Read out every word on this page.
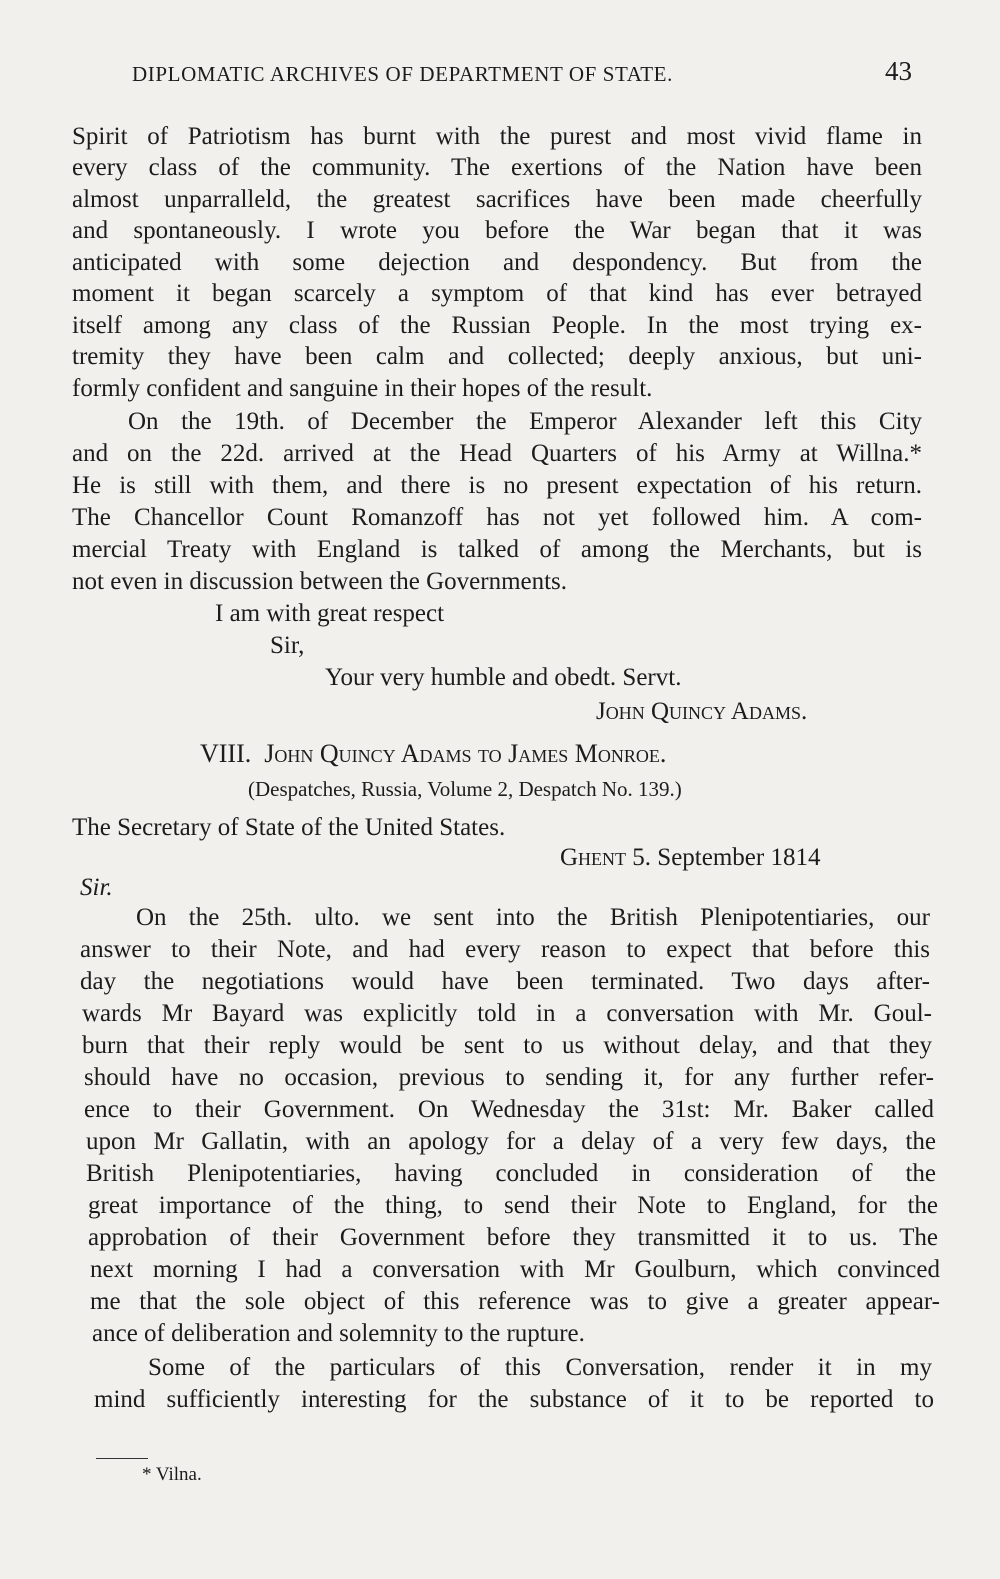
DIPLOMATIC ARCHIVES OF DEPARTMENT OF STATE.	43
Spirit of Patriotism has burnt with the purest and most vivid flame in
every class of the community. The exertions of the Nation have been
almost unparralleld, the greatest sacrifices have been made cheerfully
and spontaneously. I wrote you before the War began that it was
anticipated with some dejection and despondency. But from the
moment it began scarcely a symptom of that kind has ever betrayed
itself among any class of the Russian People. In the most trying ex-
tremity they have been calm and collected; deeply anxious, but uni-
formly confident and sanguine in their hopes of the result.
On the 19th. of December the Emperor Alexander left this City
and on the 22d. arrived at the Head Quarters of his Army at Willna.*
He is still with them, and there is no present expectation of his return.
The Chancellor Count Romanzoff has not yet followed him. A com-
mercial Treaty with England is talked of among the Merchants, but is
not even in discussion between the Governments.
I am with great respect
Sir,
Your very humble and obedt. Servt.
John Quincy Adams.
VIII. John Quincy Adams to James Monroe.
(Despatches, Russia, Volume 2, Despatch No. 139.)
The Secretary of State of the United States.
Ghent 5. September 1814
Sir.
On the 25th. ulto. we sent into the British Plenipotentiaries, our
answer to their Note, and had every reason to expect that before this
day the negotiations would have been terminated. Two days after-
wards Mr Bayard was explicitly told in a conversation with Mr. Goul-
burn that their reply would be sent to us without delay, and that they
should have no occasion, previous to sending it, for any further refer-
ence to their Government. On Wednesday the 31st: Mr. Baker called
upon Mr Gallatin, with an apology for a delay of a very few days, the
British Plenipotentiaries, having concluded in consideration of the
great importance of the thing, to send their Note to England, for the
approbation of their Government before they transmitted it to us. The
next morning I had a conversation with Mr Goulburn, which convinced
me that the sole object of this reference was to give a greater appear-
ance of deliberation and solemnity to the rupture.
Some of the particulars of this Conversation, render it in my
mind sufficiently interesting for the substance of it to be reported to
* Vilna.
